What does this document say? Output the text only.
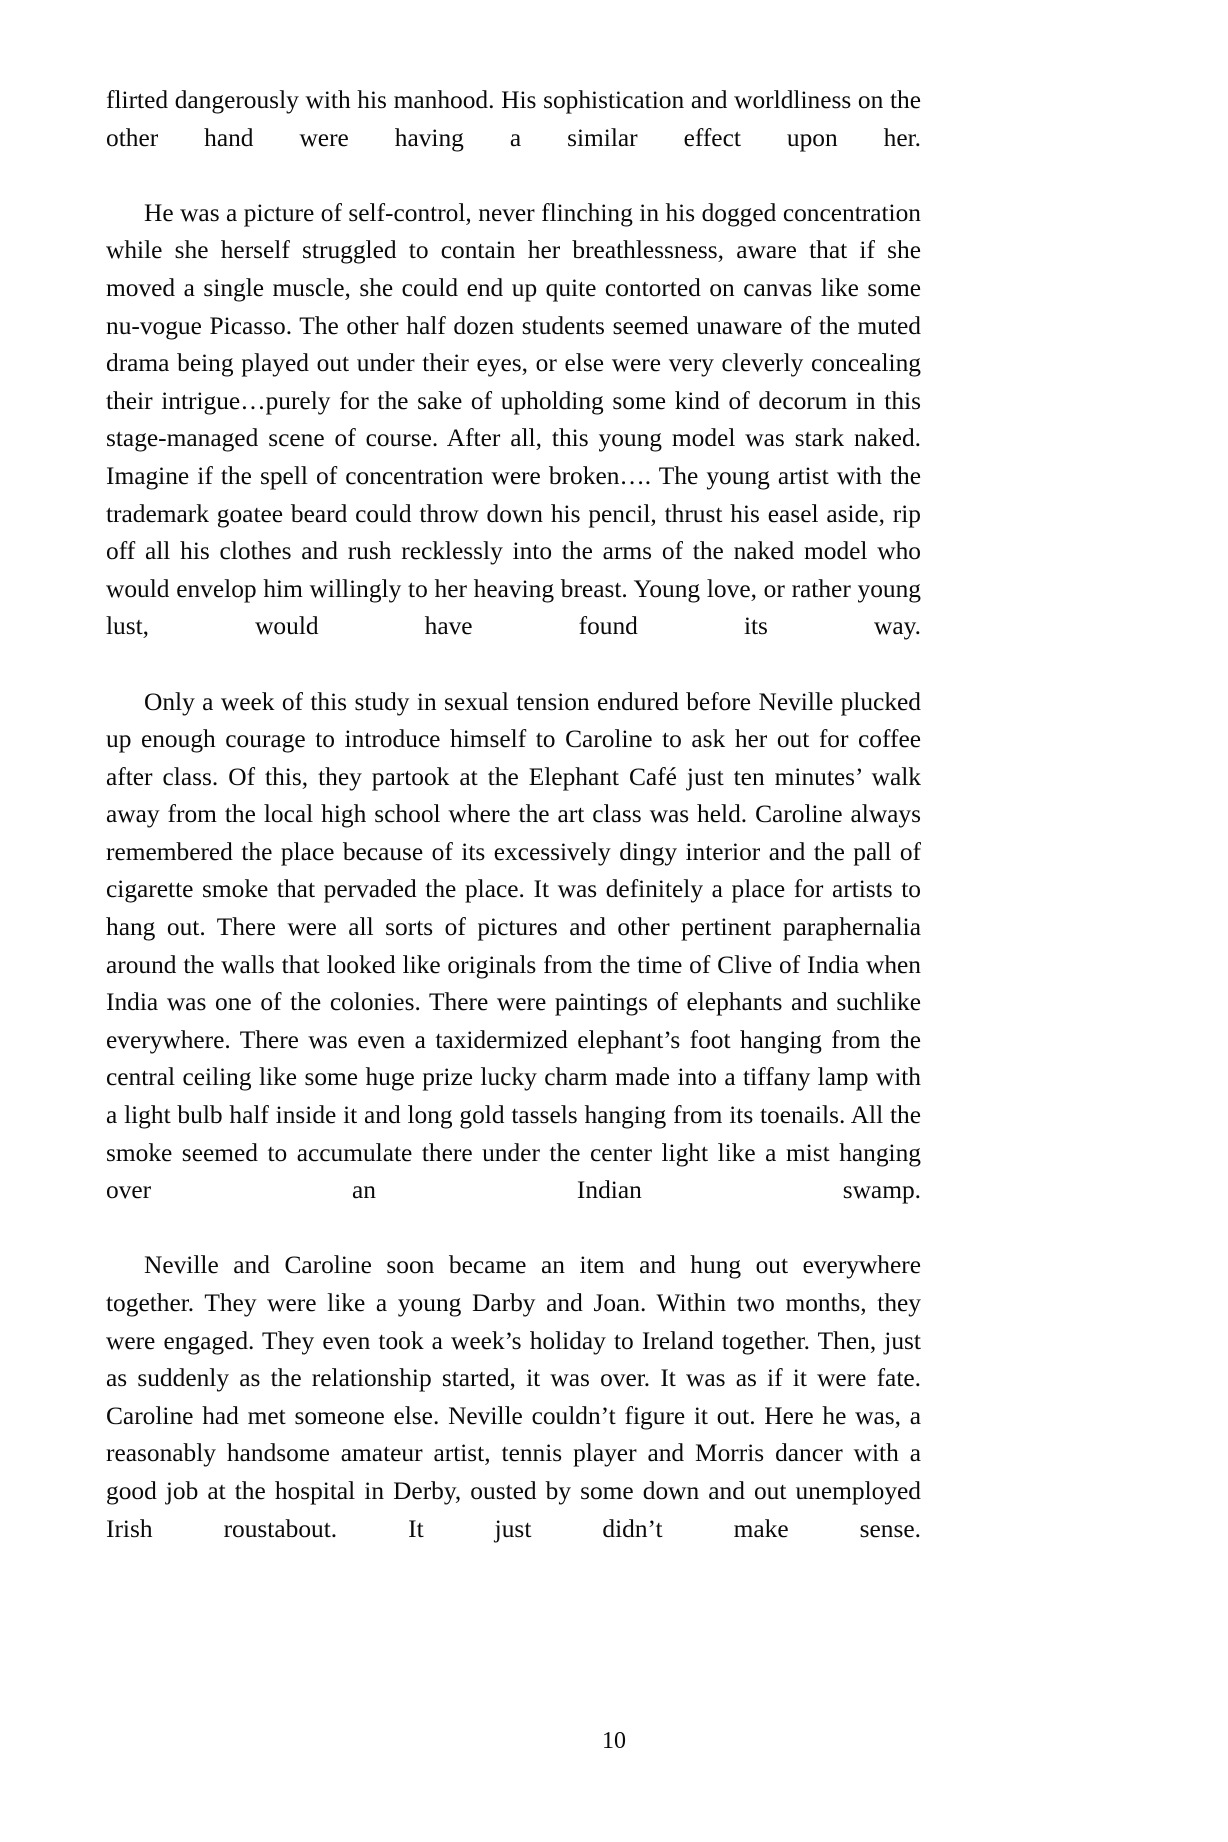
flirted dangerously with his manhood. His sophistication and worldliness on the other hand were having a similar effect upon her.

He was a picture of self-control, never flinching in his dogged concentration while she herself struggled to contain her breathlessness, aware that if she moved a single muscle, she could end up quite contorted on canvas like some nu-vogue Picasso. The other half dozen students seemed unaware of the muted drama being played out under their eyes, or else were very cleverly concealing their intrigue…purely for the sake of upholding some kind of decorum in this stage-managed scene of course. After all, this young model was stark naked. Imagine if the spell of concentration were broken…. The young artist with the trademark goatee beard could throw down his pencil, thrust his easel aside, rip off all his clothes and rush recklessly into the arms of the naked model who would envelop him willingly to her heaving breast. Young love, or rather young lust, would have found its way.

Only a week of this study in sexual tension endured before Neville plucked up enough courage to introduce himself to Caroline to ask her out for coffee after class. Of this, they partook at the Elephant Café just ten minutes’ walk away from the local high school where the art class was held. Caroline always remembered the place because of its excessively dingy interior and the pall of cigarette smoke that pervaded the place. It was definitely a place for artists to hang out. There were all sorts of pictures and other pertinent paraphernalia around the walls that looked like originals from the time of Clive of India when India was one of the colonies. There were paintings of elephants and suchlike everywhere. There was even a taxidermized elephant’s foot hanging from the central ceiling like some huge prize lucky charm made into a tiffany lamp with a light bulb half inside it and long gold tassels hanging from its toenails. All the smoke seemed to accumulate there under the center light like a mist hanging over an Indian swamp.

Neville and Caroline soon became an item and hung out everywhere together. They were like a young Darby and Joan. Within two months, they were engaged. They even took a week’s holiday to Ireland together. Then, just as suddenly as the relationship started, it was over. It was as if it were fate. Caroline had met someone else. Neville couldn’t figure it out. Here he was, a reasonably handsome amateur artist, tennis player and Morris dancer with a good job at the hospital in Derby, ousted by some down and out unemployed Irish roustabout. It just didn’t make sense.

10
